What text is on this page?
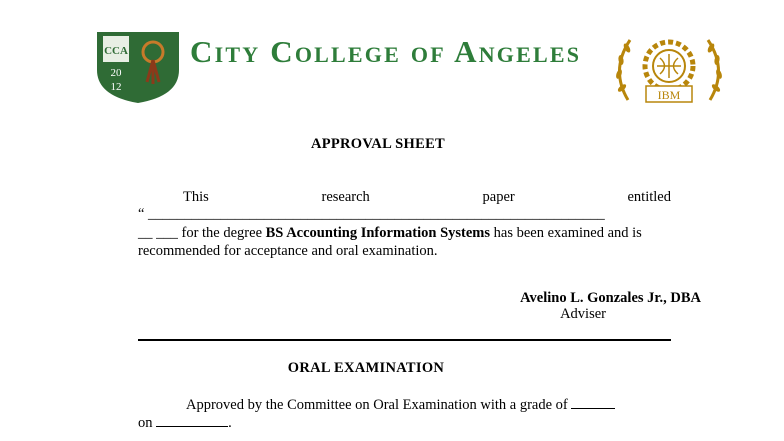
CCA
20
12
City College of Angeles
IBM
APPROVAL SHEET
This	research	paper	entitled
“ _______________________________________________________________
__ ___ for the degree BS Accounting Information Systems has been examined and is
recommended for acceptance and oral examination.
Avelino L. Gonzales Jr., DBA
Adviser
ORAL EXAMINATION
Approved by the Committee on Oral Examination with a grade of
on	.
